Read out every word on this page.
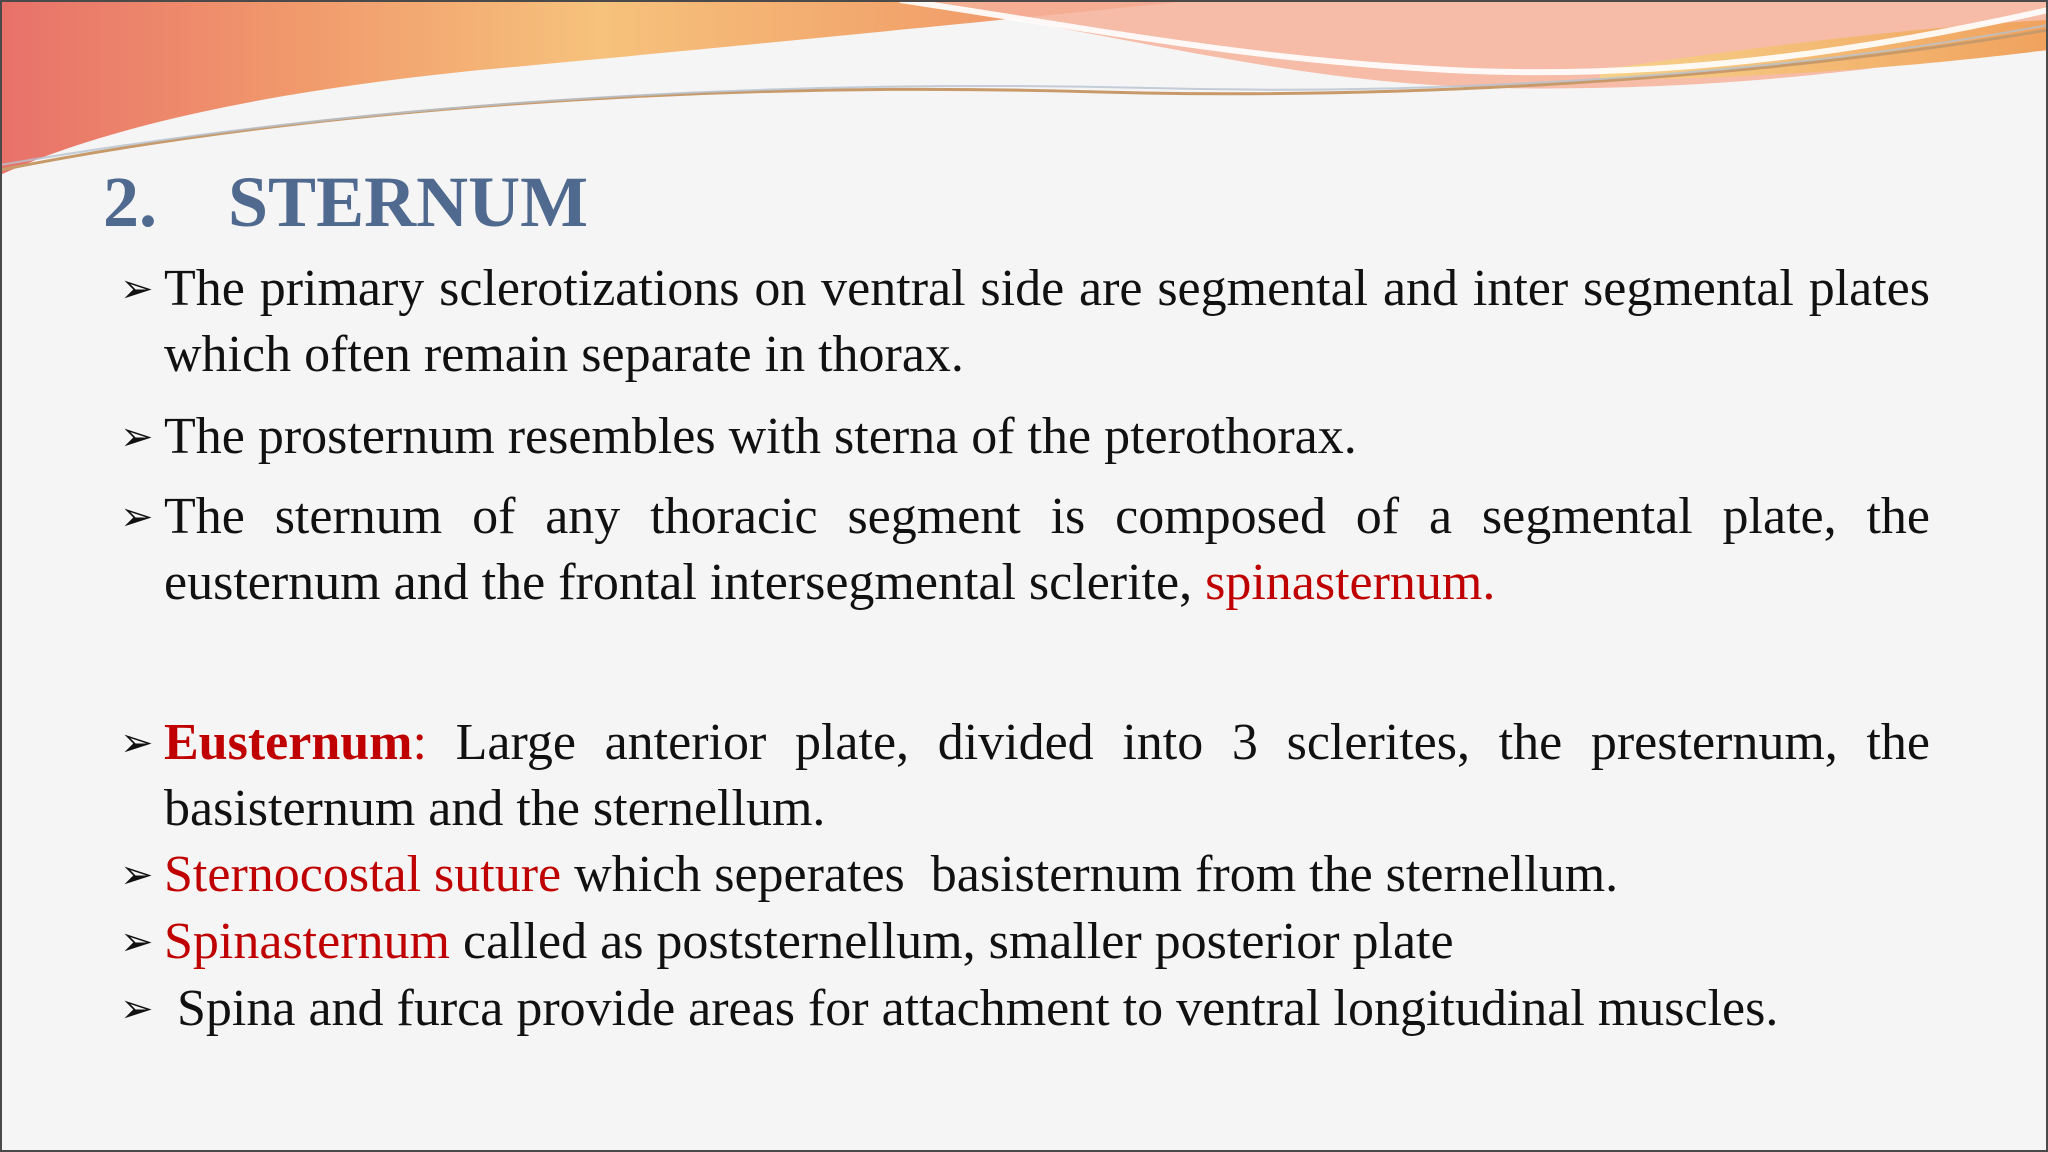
2. STERNUM
➢ The primary sclerotizations on ventral side are segmental and inter segmental plates which often remain separate in thorax.
➢ The prosternum resembles with sterna of the pterothorax.
➢ The sternum of any thoracic segment is composed of a segmental plate, the eusternum and the frontal intersegmental sclerite, spinasternum.
➢ Eusternum: Large anterior plate, divided into 3 sclerites, the presternum, the basisternum and the sternellum.
➢ Sternocostal suture which seperates  basisternum from the sternellum.
➢ Spinasternum called as poststernellum, smaller posterior plate
➢ Spina and furca provide areas for attachment to ventral longitudinal muscles.
